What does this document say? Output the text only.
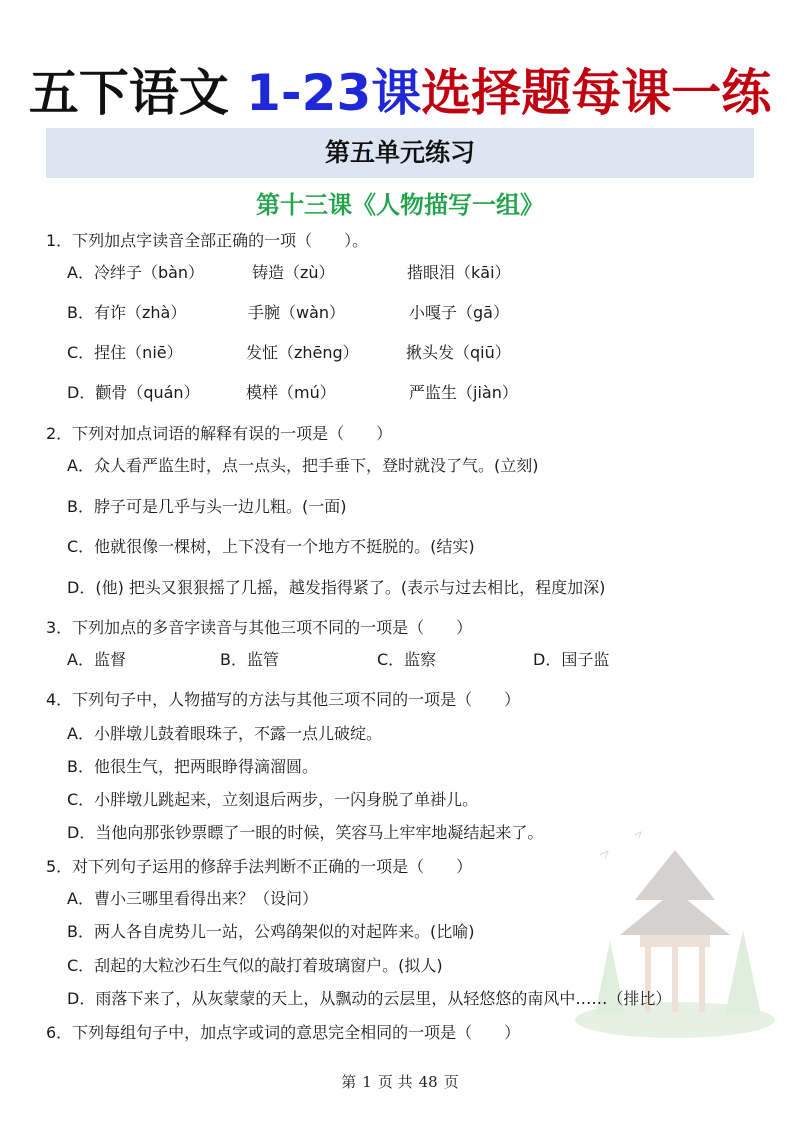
五下语文 1-23课选择题每课一练
第五单元练习
第十三课《人物描写一组》
1．下列加点字读音全部正确的一项（　　）。
A．冷绊子（bàn）	铸造（zù）	揩眼泪（kāi）
B．有诈（zhà）	手腕（wàn）	小嘎子（gā）
C．捏住（niē）	发怔（zhēng）	揪头发（qiū）
D．颧骨（quán）	模样（mú）	严监生（jiàn）
2．下列对加点词语的解释有误的一项是（　　）
A．众人看严监生时，点一点头，把手垂下，登时就没了气。(立刻)
B．脖子可是几乎与头一边儿粗。(一面)
C．他就很像一棵树，上下没有一个地方不挺脱的。(结实)
D．(他) 把头又狠狠摇了几摇，越发指得紧了。(表示与过去相比，程度加深)
3．下列加点的多音字读音与其他三项不同的一项是（　　）
A．监督	B．监管	C．监察	D．国子监
4．下列句子中，人物描写的方法与其他三项不同的一项是（　　）
A．小胖墩儿鼓着眼珠子，不露一点儿破绽。
B．他很生气，把两眼睁得滴溜圆。
C．小胖墩儿跳起来，立刻退后两步，一闪身脱了单褂儿。
D．当他向那张钞票瞟了一眼的时候，笑容马上牢牢地凝结起来了。
5．对下列句子运用的修辞手法判断不正确的一项是（　　）
A．曹小三哪里看得出来？（设问）
B．两人各自虎势儿一站，公鸡鹐架似的对起阵来。(比喻)
C．刮起的大粒沙石生气似的敲打着玻璃窗户。(拟人)
D．雨落下来了，从灰蒙蒙的天上，从飘动的云层里，从轻悠悠的南风中……（排比）
6．下列每组句子中，加点字或词的意思完全相同的一项是（　　）
第 1 页 共 48 页
